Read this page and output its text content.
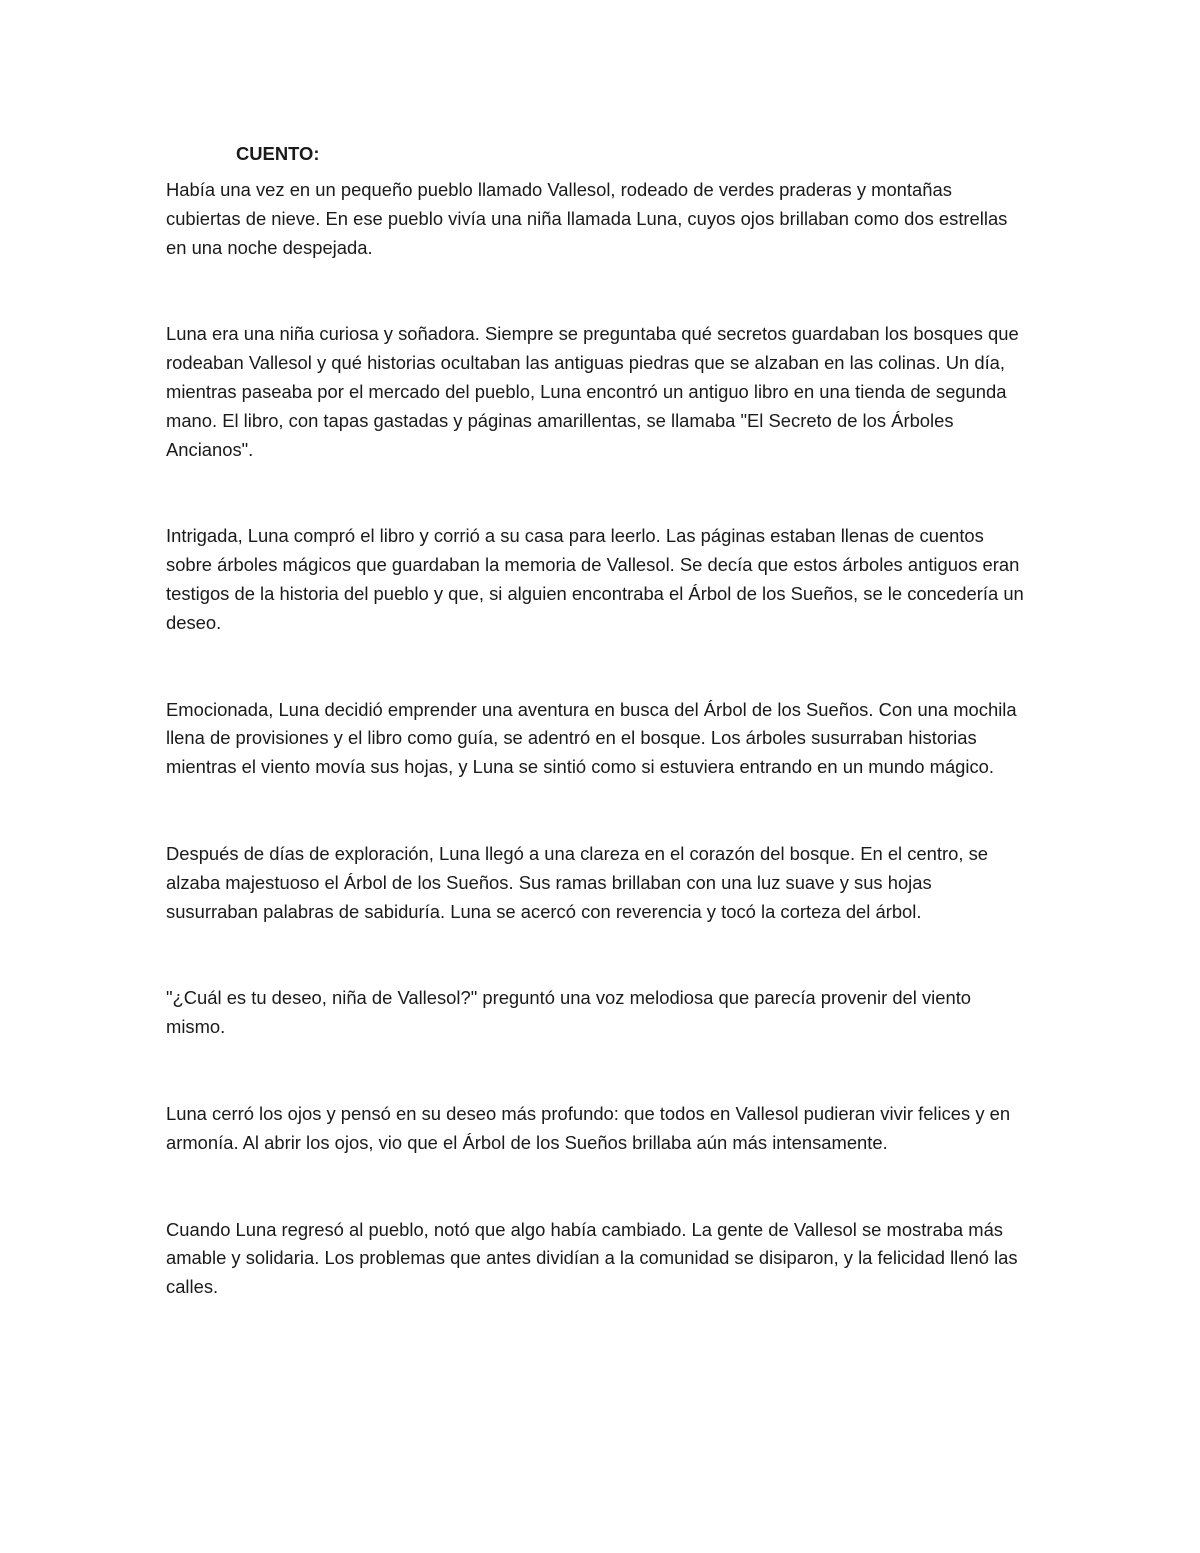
CUENTO:

Había una vez en un pequeño pueblo llamado Vallesol, rodeado de verdes praderas y montañas cubiertas de nieve. En ese pueblo vivía una niña llamada Luna, cuyos ojos brillaban como dos estrellas en una noche despejada.

Luna era una niña curiosa y soñadora. Siempre se preguntaba qué secretos guardaban los bosques que rodeaban Vallesol y qué historias ocultaban las antiguas piedras que se alzaban en las colinas. Un día, mientras paseaba por el mercado del pueblo, Luna encontró un antiguo libro en una tienda de segunda mano. El libro, con tapas gastadas y páginas amarillentas, se llamaba "El Secreto de los Árboles Ancianos".

Intrigada, Luna compró el libro y corrió a su casa para leerlo. Las páginas estaban llenas de cuentos sobre árboles mágicos que guardaban la memoria de Vallesol. Se decía que estos árboles antiguos eran testigos de la historia del pueblo y que, si alguien encontraba el Árbol de los Sueños, se le concedería un deseo.

Emocionada, Luna decidió emprender una aventura en busca del Árbol de los Sueños. Con una mochila llena de provisiones y el libro como guía, se adentró en el bosque. Los árboles susurraban historias mientras el viento movía sus hojas, y Luna se sintió como si estuviera entrando en un mundo mágico.

Después de días de exploración, Luna llegó a una clareza en el corazón del bosque. En el centro, se alzaba majestuoso el Árbol de los Sueños. Sus ramas brillaban con una luz suave y sus hojas susurraban palabras de sabiduría. Luna se acercó con reverencia y tocó la corteza del árbol.

"¿Cuál es tu deseo, niña de Vallesol?" preguntó una voz melodiosa que parecía provenir del viento mismo.

Luna cerró los ojos y pensó en su deseo más profundo: que todos en Vallesol pudieran vivir felices y en armonía. Al abrir los ojos, vio que el Árbol de los Sueños brillaba aún más intensamente.

Cuando Luna regresó al pueblo, notó que algo había cambiado. La gente de Vallesol se mostraba más amable y solidaria. Los problemas que antes dividían a la comunidad se disiparon, y la felicidad llenó las calles.
